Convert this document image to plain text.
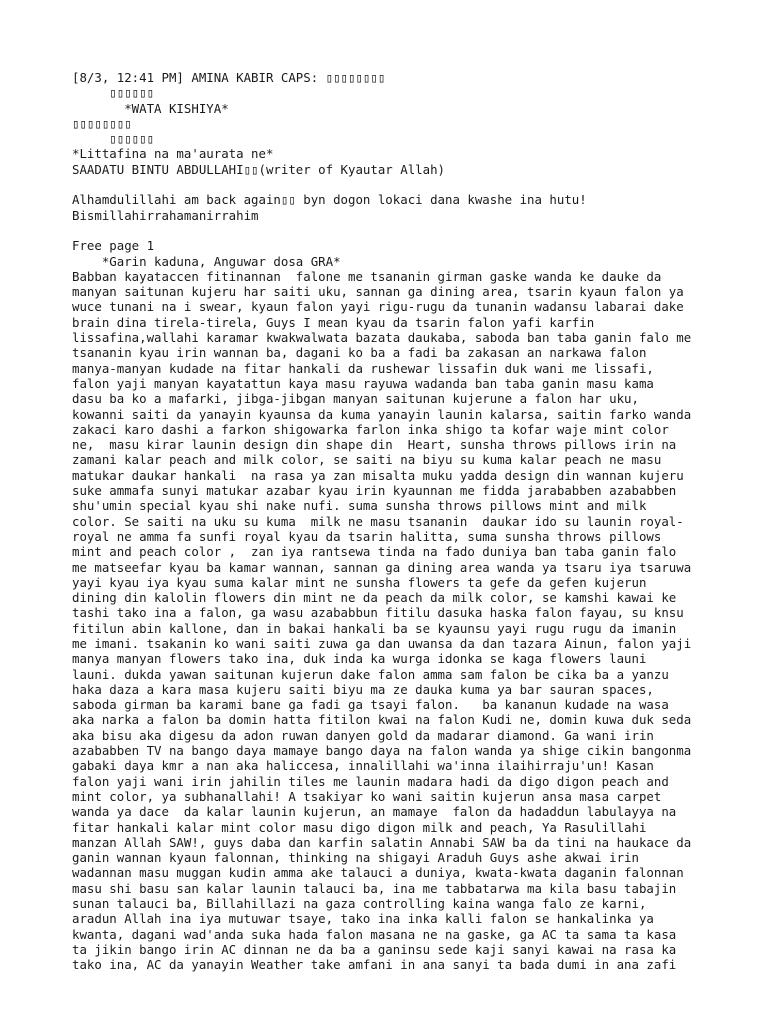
[8/3, 12:41 PM] AMINA KABIR CAPS: ▯▯▯▯▯▯▯▯
▯▯▯▯▯▯
*WATA KISHIYA*
▯▯▯▯▯▯▯▯
▯▯▯▯▯▯
*Littafina na ma'aurata ne*
SAADATU BINTU ABDULLAHI▯▯(writer of Kyautar Allah)
Alhamdulillahi am back again▯▯ byn dogon lokaci dana kwashe ina hutu!
Bismillahirrahamanirrahim
Free page 1
*Garin kaduna, Anguwar dosa GRA*
Babban kayataccen fitinannan  falone me tsananin girman gaske wanda ke dauke da
manyan saitunan kujeru har saiti uku, sannan ga dining area, tsarin kyaun falon ya
wuce tunani na i swear, kyaun falon yayi rigu-rugu da tunanin wadansu labarai dake
brain dina tirela-tirela, Guys I mean kyau da tsarin falon yafi karfin
lissafina,wallahi karamar kwakwalwata bazata daukaba, saboda ban taba ganin falo me
tsananin kyau irin wannan ba, dagani ko ba a fadi ba zakasan an narkawa falon
manya-manyan kudade na fitar hankali da rushewar lissafin duk wani me lissafi,
falon yaji manyan kayatattun kaya masu rayuwa wadanda ban taba ganin masu kama
dasu ba ko a mafarki, jibga-jibgan manyan saitunan kujerune a falon har uku,
kowanni saiti da yanayin kyaunsa da kuma yanayin launin kalarsa, saitin farko wanda
zakaci karo dashi a farkon shigowarka farlon inka shigo ta kofar waje mint color
ne,  masu kirar launin design din shape din  Heart, sunsha throws pillows irin na
zamani kalar peach and milk color, se saiti na biyu su kuma kalar peach ne masu
matukar daukar hankali  na rasa ya zan misalta muku yadda design din wannan kujeru
suke ammafa sunyi matukar azabar kyau irin kyaunnan me fidda jarababben azababben
shu'umin special kyau shi nake nufi. suma sunsha throws pillows mint and milk
color. Se saiti na uku su kuma  milk ne masu tsananin  daukar ido su launin royal-
royal ne amma fa sunfi royal kyau da tsarin halitta, suma sunsha throws pillows
mint and peach color ,  zan iya rantsewa tinda na fado duniya ban taba ganin falo
me matseefar kyau ba kamar wannan, sannan ga dining area wanda ya tsaru iya tsaruwa
yayi kyau iya kyau suma kalar mint ne sunsha flowers ta gefe da gefen kujerun
dining din kalolin flowers din mint ne da peach da milk color, se kamshi kawai ke
tashi tako ina a falon, ga wasu azababbun fitilu dasuka haska falon fayau, su knsu
fitilun abin kallone, dan in bakai hankali ba se kyaunsu yayi rugu rugu da imanin
me imani. tsakanin ko wani saiti zuwa ga dan uwansa da dan tazara Ainun, falon yaji
manya manyan flowers tako ina, duk inda ka wurga idonka se kaga flowers launi
launi. dukda yawan saitunan kujerun dake falon amma sam falon be cika ba a yanzu
haka daza a kara masa kujeru saiti biyu ma ze dauka kuma ya bar sauran spaces,
saboda girman ba karami bane ga fadi ga tsayi falon.   ba kananun kudade na wasa
aka narka a falon ba domin hatta fitilon kwai na falon Kudi ne, domin kuwa duk seda
aka bisu aka digesu da adon ruwan danyen gold da madarar diamond. Ga wani irin
azababben TV na bango daya mamaye bango daya na falon wanda ya shige cikin bangonma
gabaki daya kmr a nan aka haliccesa, innalillahi wa'inna ilaihirraju'un! Kasan
falon yaji wani irin jahilin tiles me launin madara hadi da digo digon peach and
mint color, ya subhanallahi! A tsakiyar ko wani saitin kujerun ansa masa carpet
wanda ya dace  da kalar launin kujerun, an mamaye  falon da hadaddun labulayya na
fitar hankali kalar mint color masu digo digon milk and peach, Ya Rasulillahi
manzan Allah SAW!, guys daba dan karfin salatin Annabi SAW ba da tini na haukace da
ganin wannan kyaun falonnan, thinking na shigayi Araduh Guys ashe akwai irin
wadannan masu muggan kudin amma ake talauci a duniya, kwata-kwata daganin falonnan
masu shi basu san kalar launin talauci ba, ina me tabbatarwa ma kila basu tabajin
sunan talauci ba, Billahillazi na gaza controlling kaina wanga falo ze karni,
aradun Allah ina iya mutuwar tsaye, tako ina inka kalli falon se hankalinka ya
kwanta, dagani wad'anda suka hada falon masana ne na gaske, ga AC ta sama ta kasa
ta jikin bango irin AC dinnan ne da ba a ganinsu sede kaji sanyi kawai na rasa ka
tako ina, AC da yanayin Weather take amfani in ana sanyi ta bada dumi in ana zafi
